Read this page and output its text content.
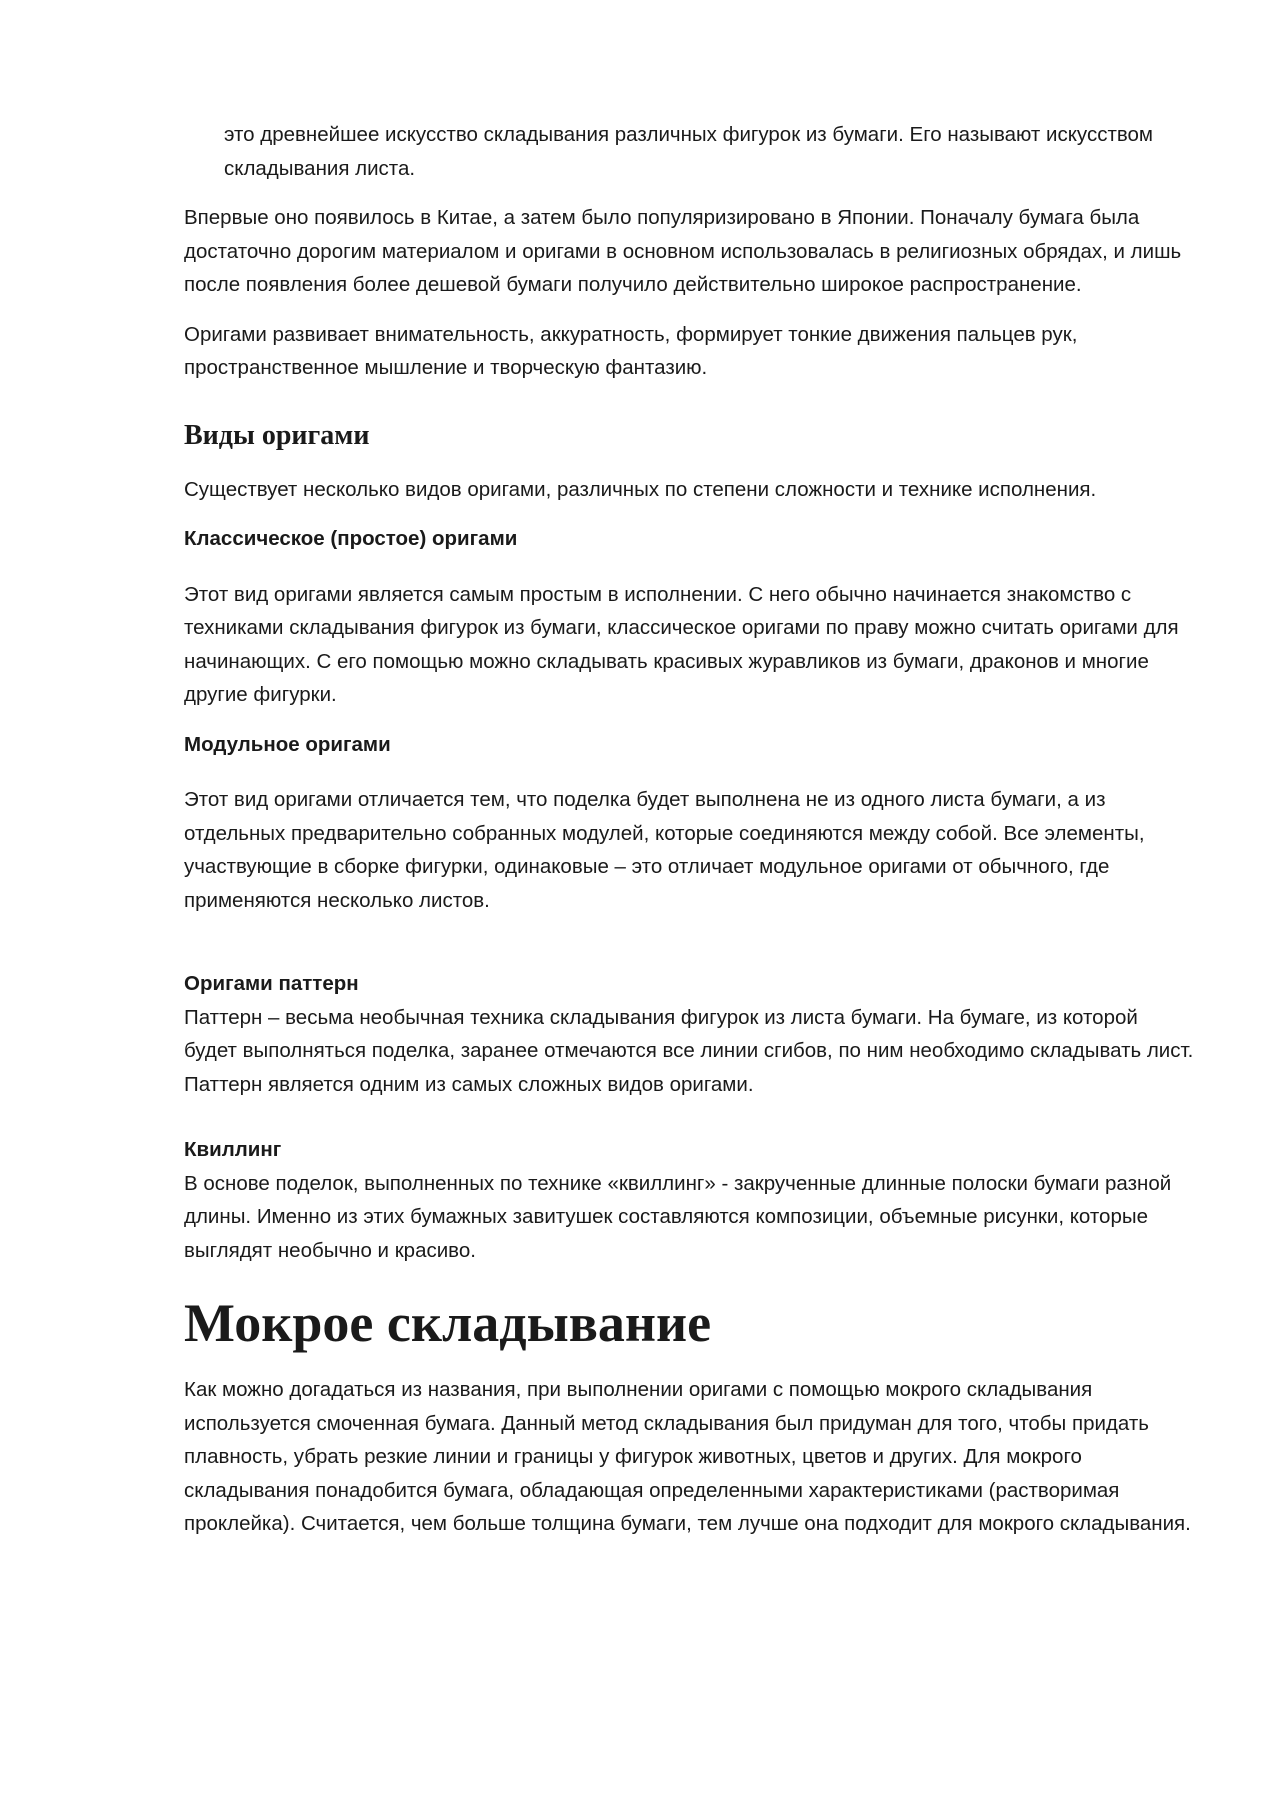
это древнейшее искусство складывания различных фигурок из бумаги. Его называют искусством складывания листа.

Впервые оно появилось в Китае, а затем было популяризировано в Японии. Поначалу бумага была достаточно дорогим материалом и оригами в основном использовалась в религиозных обрядах, и лишь после появления более дешевой бумаги получило действительно широкое распространение.

Оригами развивает внимательность, аккуратность, формирует тонкие движения пальцев рук, пространственное мышление и творческую фантазию.

Виды оригами

Существует несколько видов оригами, различных по степени сложности и технике исполнения.

Классическое (простое) оригами

Этот вид оригами является самым простым в исполнении. С него обычно начинается знакомство с техниками складывания фигурок из бумаги, классическое оригами по праву можно считать оригами для начинающих. С его помощью можно складывать красивых журавликов из бумаги, драконов и многие другие фигурки.

Модульное оригами

Этот вид оригами отличается тем, что поделка будет выполнена не из одного листа бумаги, а из отдельных предварительно собранных модулей, которые соединяются между собой. Все элементы, участвующие в сборке фигурки, одинаковые – это отличает модульное оригами от обычного, где применяются несколько листов.

Оригами паттерн

Паттерн – весьма необычная техника складывания фигурок из листа бумаги. На бумаге, из которой будет выполняться поделка, заранее отмечаются все линии сгибов, по ним необходимо складывать лист. Паттерн является одним из самых сложных видов оригами.

Квиллинг

В основе поделок, выполненных по технике «квиллинг» - закрученные длинные полоски бумаги разной длины. Именно из этих бумажных завитушек составляются композиции, объемные рисунки, которые выглядят необычно и красиво.

Мокрое складывание

Как можно догадаться из названия, при выполнении оригами с помощью мокрого складывания используется смоченная бумага. Данный метод складывания был придуман для того, чтобы придать плавность, убрать резкие линии и границы у фигурок животных, цветов и других. Для мокрого складывания понадобится бумага, обладающая определенными характеристиками (растворимая проклейка). Считается, чем больше толщина бумаги, тем лучше она подходит для мокрого складывания.
